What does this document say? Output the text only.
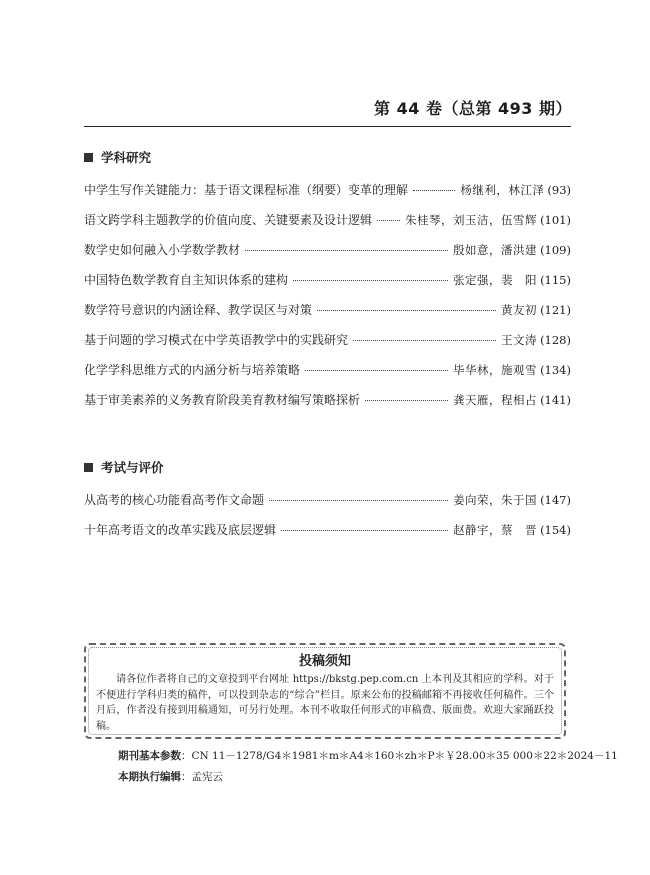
第 44 卷（总第 493 期）
学科研究
中学生写作关键能力：基于语文课程标准（纲要）变革的理解	杨继利，林江泽 (93)
语文跨学科主题教学的价值向度、关键要素及设计逻辑	朱桂琴，刘玉洁，伍雪辉 (101)
数学史如何融入小学数学教材	殷如意，潘洪建 (109)
中国特色数学教育自主知识体系的建构	张定强，裴　阳 (115)
数学符号意识的内涵诠释、教学误区与对策	黄友初 (121)
基于问题的学习模式在中学英语教学中的实践研究	王文涛 (128)
化学学科思维方式的内涵分析与培养策略	毕华林，施观雪 (134)
基于审美素养的义务教育阶段美育教材编写策略探析	龚天雁，程相占 (141)
考试与评价
从高考的核心功能看高考作文命题	姜向荣，朱于国 (147)
十年高考语文的改革实践及底层逻辑	赵静宇，蔡　晋 (154)
投稿须知
请各位作者将自己的文章投到平台网址 https://bkstg.pep.com.cn 上本刊及其相应的学科。对于不便进行学科归类的稿件，可以投到杂志的“综合”栏目。原来公布的投稿邮箱不再接收任何稿件。三个月后，作者没有接到用稿通知，可另行处理。本刊不收取任何形式的审稿费、版面费。欢迎大家踊跃投稿。
期刊基本参数：CN 11－1278/G4＊1981＊m＊A4＊160＊zh＊P＊￥28.00＊35 000＊22＊2024－11
本期执行编辑：孟宪云
